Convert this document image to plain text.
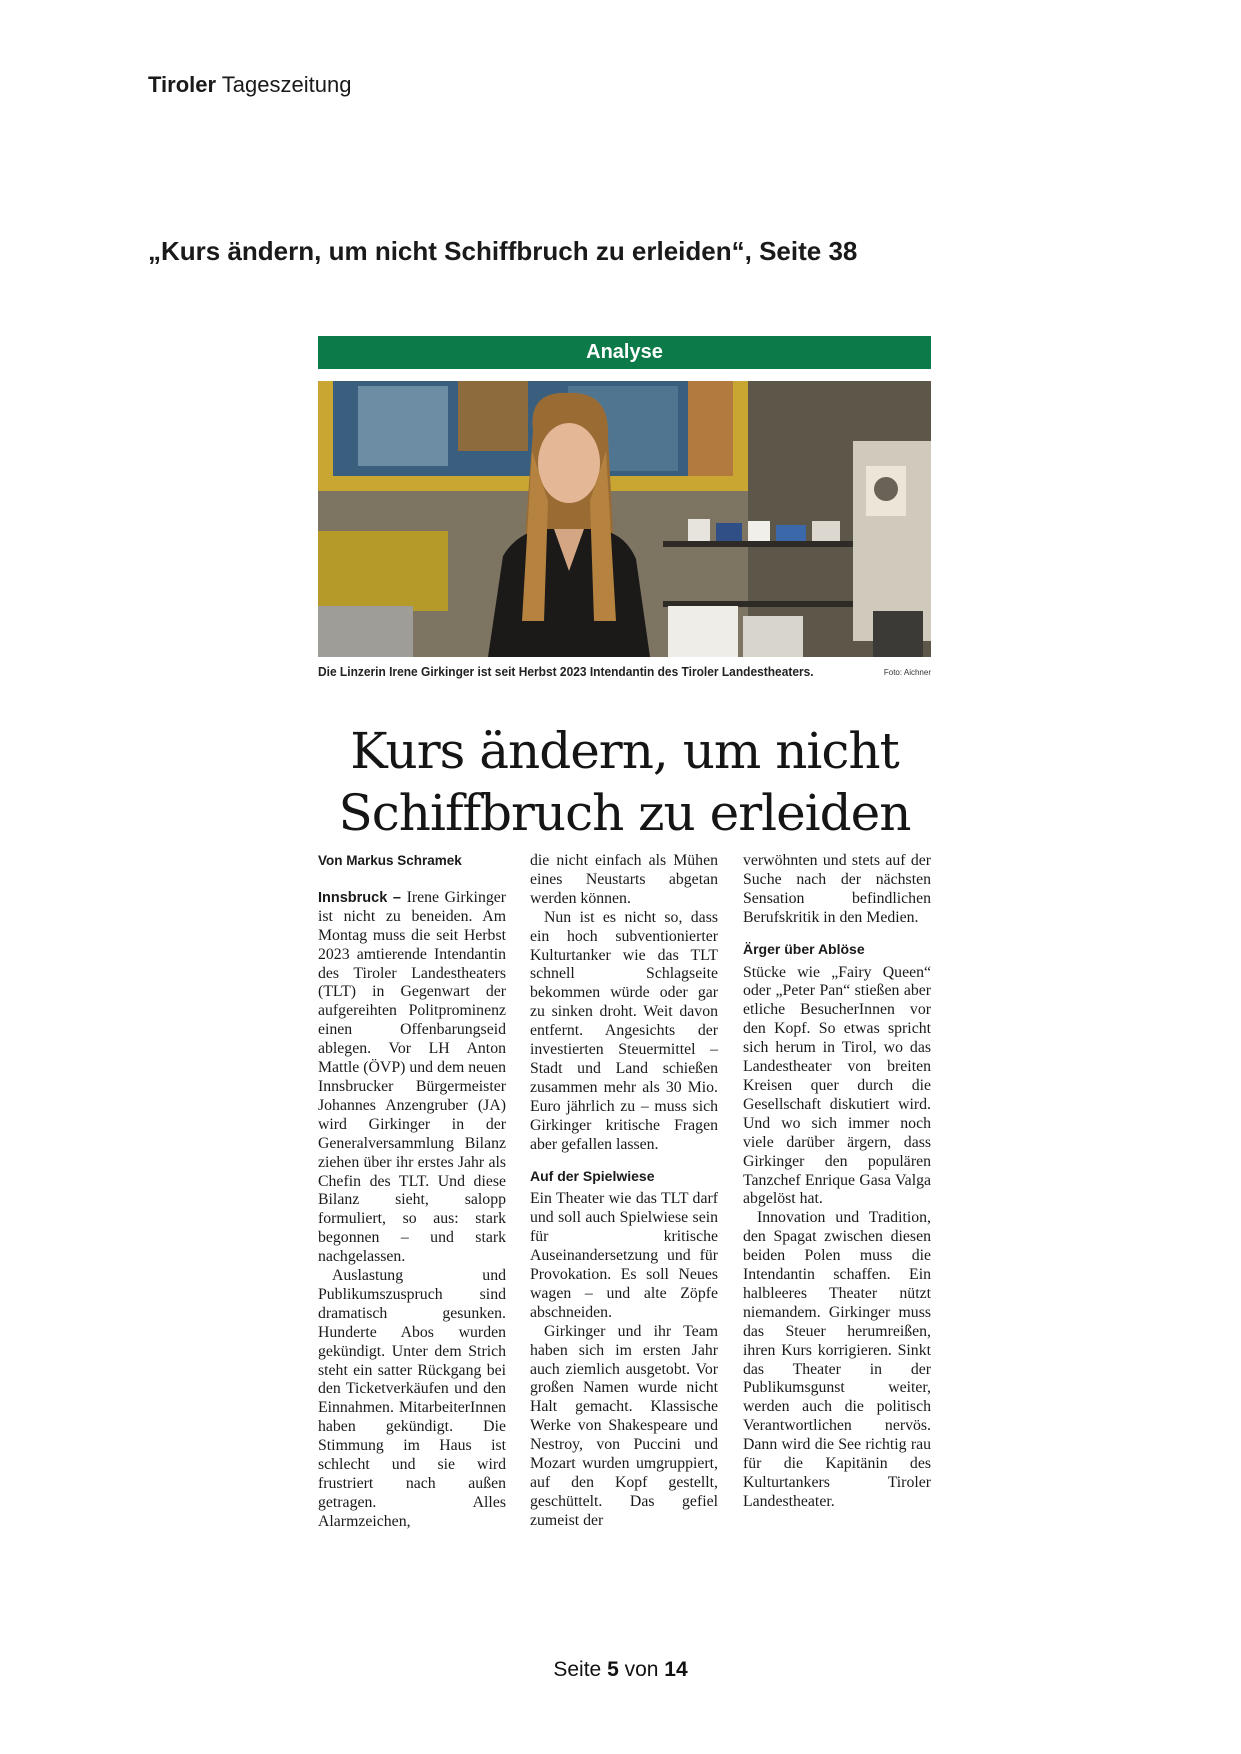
Tiroler Tageszeitung
„Kurs ändern, um nicht Schiffbruch zu erleiden“, Seite 38
Analyse
Die Linzerin Irene Girkinger ist seit Herbst 2023 Intendantin des Tiroler Landestheaters.	Foto: Aichner
Kurs ändern, um nicht
Schiffbruch zu erleiden

Von Markus Schramek

Innsbruck – Irene Girkinger ist nicht zu beneiden. Am Montag muss die seit Herbst 2023 amtierende Intendantin des Tiroler Landestheaters (TLT) in Gegenwart der aufgereihten Politprominenz einen Offenbarungseid ablegen. Vor LH Anton Mattle (ÖVP) und dem neuen Innsbrucker Bürgermeister Johannes Anzengruber (JA) wird Girkinger in der Generalversammlung Bilanz ziehen über ihr erstes Jahr als Chefin des TLT. Und diese Bilanz sieht, salopp formuliert, so aus: stark begonnen – und stark nachgelassen.

Auslastung und Publikumszuspruch sind dramatisch gesunken. Hunderte Abos wurden gekündigt. Unter dem Strich steht ein satter Rückgang bei den Ticketverkäufen und den Einnahmen. MitarbeiterInnen haben gekündigt. Die Stimmung im Haus ist schlecht und sie wird frustriert nach außen getragen. Alles Alarmzeichen,

die nicht einfach als Mühen eines Neustarts abgetan werden können.

Nun ist es nicht so, dass ein hoch subventionierter Kulturtanker wie das TLT schnell Schlagseite bekommen würde oder gar zu sinken droht. Weit davon entfernt. Angesichts der investierten Steuermittel – Stadt und Land schießen zusammen mehr als 30 Mio. Euro jährlich zu – muss sich Girkinger kritische Fragen aber gefallen lassen.

Auf der Spielwiese

Ein Theater wie das TLT darf und soll auch Spielwiese sein für kritische Auseinandersetzung und für Provokation. Es soll Neues wagen – und alte Zöpfe abschneiden.

Girkinger und ihr Team haben sich im ersten Jahr auch ziemlich ausgetobt. Vor großen Namen wurde nicht Halt gemacht. Klassische Werke von Shakespeare und Nestroy, von Puccini und Mozart wurden umgruppiert, auf den Kopf gestellt, geschüttelt. Das gefiel zumeist der

verwöhnten und stets auf der Suche nach der nächsten Sensation befindlichen Berufskritik in den Medien.

Ärger über Ablöse

Stücke wie „Fairy Queen“ oder „Peter Pan“ stießen aber etliche BesucherInnen vor den Kopf. So etwas spricht sich herum in Tirol, wo das Landestheater von breiten Kreisen quer durch die Gesellschaft diskutiert wird. Und wo sich immer noch viele darüber ärgern, dass Girkinger den populären Tanzchef Enrique Gasa Valga abgelöst hat.

Innovation und Tradition, den Spagat zwischen diesen beiden Polen muss die Intendantin schaffen. Ein halbleeres Theater nützt niemandem. Girkinger muss das Steuer herumreißen, ihren Kurs korrigieren. Sinkt das Theater in der Publikumsgunst weiter, werden auch die politisch Verantwortlichen nervös. Dann wird die See richtig rau für die Kapitänin des Kulturtankers Tiroler Landestheater.

Seite 5 von 14
